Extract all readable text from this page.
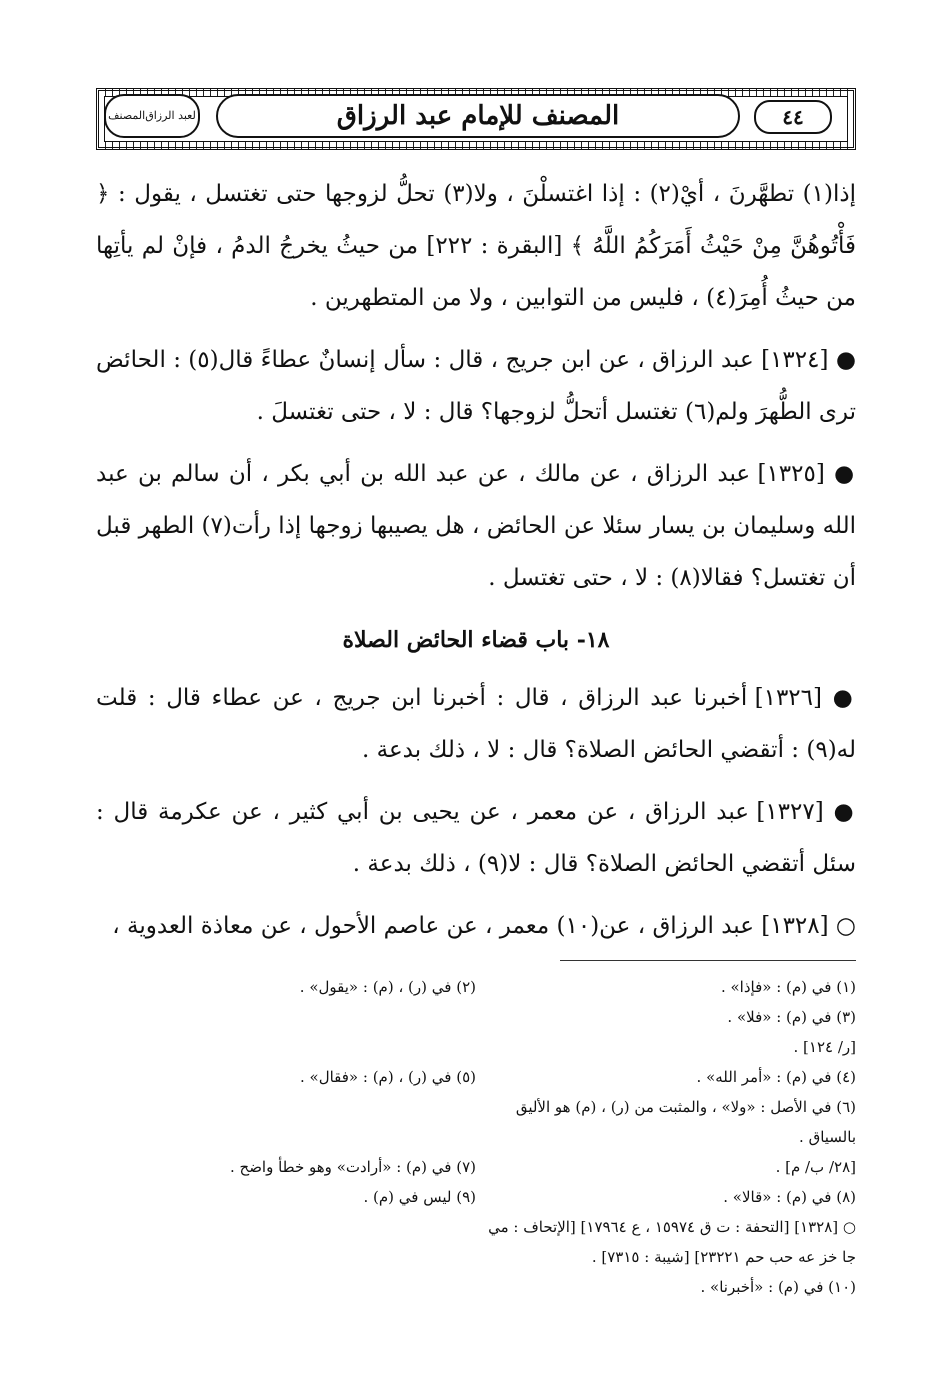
المصنف للإمام عبد الرزاق	٤٤
المصنف لعبد الرزاق

إذا(١) تطهَّرنَ ، أيْ(٢) : إذا اغتسلْنَ ، ولا(٣) تحلُّ لزوجها حتى تغتسل ، يقول : ﴿ فَأْتُوهُنَّ مِنْ حَيْثُ أَمَرَكُمُ اللَّهُ ﴾ [البقرة : ٢٢٢] من حيثُ يخرجُ الدمُ ، فإنْ لم يأتِها من حيثُ أُمِرَ(٤) ، فليس من التوابين ، ولا من المتطهرين .

● [١٣٢٤] عبد الرزاق ، عن ابن جريج ، قال : سأل إنسانٌ عطاءً قال(٥) : الحائض ترى الطُّهرَ ولم(٦) تغتسل أتحلُّ لزوجها؟ قال : لا ، حتى تغتسلَ .

● [١٣٢٥] عبد الرزاق ، عن مالك ، عن عبد الله بن أبي بكر ، أن سالم بن عبد الله وسليمان بن يسار سئلا عن الحائض ، هل يصيبها زوجها إذا رأت(٧) الطهر قبل أن تغتسل؟ فقالا(٨) : لا ، حتى تغتسل .

١٨- باب قضاء الحائض الصلاة

● [١٣٢٦] أخبرنا عبد الرزاق ، قال : أخبرنا ابن جريج ، عن عطاء قال : قلت له(٩) : أتقضي الحائض الصلاة؟ قال : لا ، ذلك بدعة .

● [١٣٢٧] عبد الرزاق ، عن معمر ، عن يحيى بن أبي كثير ، عن عكرمة قال : سئل أتقضي الحائض الصلاة؟ قال : لا(٩) ، ذلك بدعة .

○ [١٣٢٨] عبد الرزاق ، عن(١٠) معمر ، عن عاصم الأحول ، عن معاذة العدوية ،

(١) في (م) : «فإذا» .
(٢) في (ر) ، (م) : «يقول» .
(٣) في (م) : «فلا» .
[ر/ ١٢٤] .
(٤) في (م) : «أمر الله» .
(٥) في (ر) ، (م) : «فقال» .
(٦) في الأصل : «ولا» ، والمثبت من (ر) ، (م) هو الأليق بالسياق .
[٢٨/ ب/ م] .
(٧) في (م) : «أرادت» وهو خطأ واضح .
(٨) في (م) : «قالا» .
(٩) ليس في (م) .
○ [١٣٢٨] [التحفة : ت ق ١٥٩٧٤ ، ع ١٧٩٦٤] [الإتحاف : مي جا خز عه حب حم ٢٣٢٢١] [شيبة : ٧٣١٥] .
(١٠) في (م) : «أخبرنا» .
